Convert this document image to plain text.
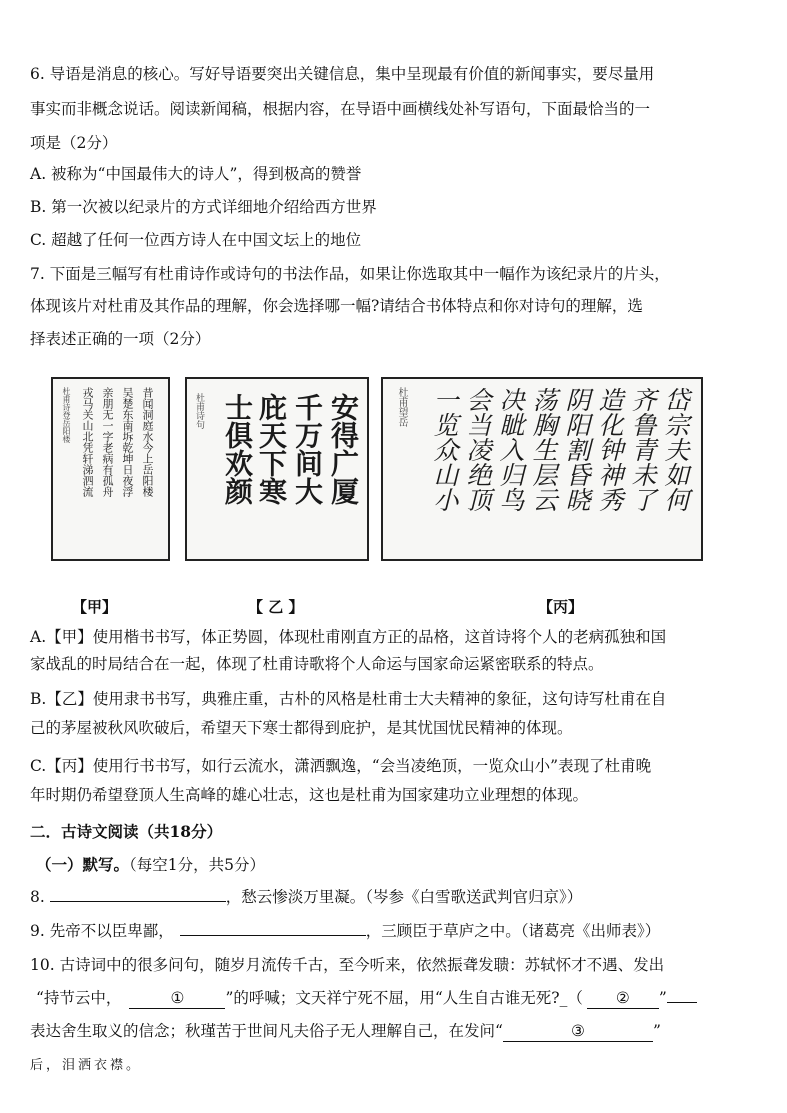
6. 导语是消息的核心。写好导语要突出关键信息，集中呈现最有价值的新闻事实，要尽量用
事实而非概念说话。阅读新闻稿，根据内容，在导语中画横线处补写语句，下面最恰当的一
项是（2分）
A. 被称为“中国最伟大的诗人”，得到极高的赞誉
B. 第一次被以纪录片的方式详细地介绍给西方世界
C. 超越了任何一位西方诗人在中国文坛上的地位
7. 下面是三幅写有杜甫诗作或诗句的书法作品，如果让你选取其中一幅作为该纪录片的片头，
体现该片对杜甫及其作品的理解，你会选择哪一幅?请结合书体特点和你对诗句的理解，选
择表述正确的一项（2分）
昔闻洞庭水今上岳阳楼
吴楚东南坼乾坤日夜浮
亲朋无一字老病有孤舟
戎马关山北凭轩涕泗流
杜甫诗登岳阳楼	安得广厦
千万间大
庇天下寒
士俱欢颜
杜甫诗句	岱宗夫如何
齐鲁青未了
造化钟神秀
阴阳割昏晓
荡胸生层云
决眦入归鸟
会当凌绝顶
一览众山小
杜甫望岳
【甲】	【 乙 】	【丙】
A.【甲】使用楷书书写，体正势圆，体现杜甫刚直方正的品格，这首诗将个人的老病孤独和国
家战乱的时局结合在一起，体现了杜甫诗歌将个人命运与国家命运紧密联系的特点。
B.【乙】使用隶书书写，典雅庄重，古朴的风格是杜甫士大夫精神的象征，这句诗写杜甫在自
己的茅屋被秋风吹破后，希望天下寒士都得到庇护，是其忧国忧民精神的体现。
C.【丙】使用行书书写，如行云流水，潇洒飘逸，“会当凌绝顶，一览众山小”表现了杜甫晚
年时期仍希望登顶人生高峰的雄心壮志，这也是杜甫为国家建功立业理想的体现。
二．古诗文阅读（共18分）
（一）默写。（每空1分，共5分）
8.	，愁云惨淡万里凝。（岑参《白雪歌送武判官归京》）
9. 先帝不以臣卑鄙，	，三顾臣于草庐之中。（诸葛亮《出师表》）
10. 古诗词中的很多问句，随岁月流传千古，至今听来，依然振聋发聩：苏轼怀才不遇、发出
“持节云中，	①	”的呼喊；文天祥宁死不屈，用“人生自古谁无死?_（ ② ”
表达舍生取义的信念；秋瑾苦于世间凡夫俗子无人理解自己，在发问“	③	”
后，泪洒衣襟。
